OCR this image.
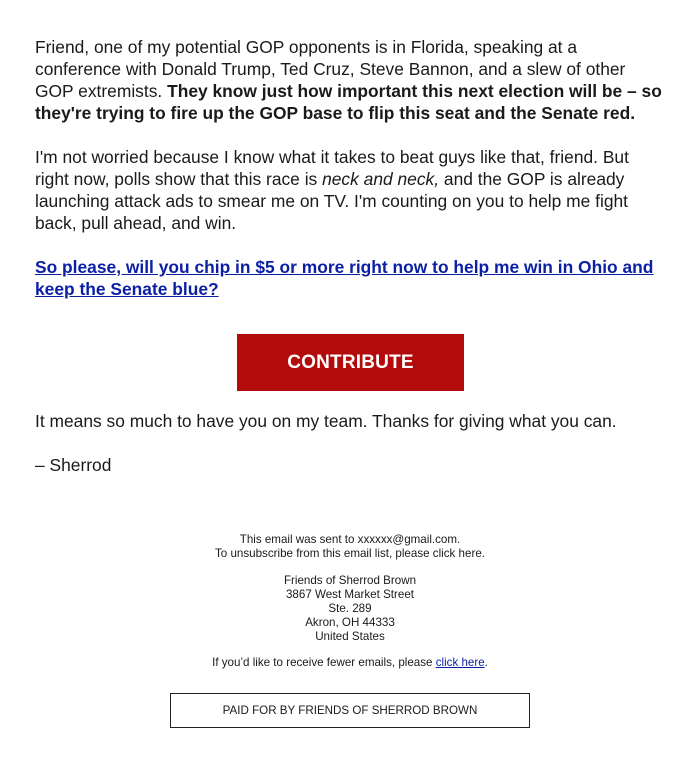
Friend, one of my potential GOP opponents is in Florida, speaking at a conference with Donald Trump, Ted Cruz, Steve Bannon, and a slew of other GOP extremists. They know just how important this next election will be – so they're trying to fire up the GOP base to flip this seat and the Senate red.

I'm not worried because I know what it takes to beat guys like that, friend. But right now, polls show that this race is neck and neck, and the GOP is already launching attack ads to smear me on TV. I'm counting on you to help me fight back, pull ahead, and win.

So please, will you chip in $5 or more right now to help me win in Ohio and keep the Senate blue?

CONTRIBUTE

It means so much to have you on my team. Thanks for giving what you can.

– Sherrod

This email was sent to xxxxxx@gmail.com.
To unsubscribe from this email list, please click here.
Friends of Sherrod Brown
3867 West Market Street
Ste. 289
Akron, OH 44333
United States
If you’d like to receive fewer emails, please click here.
PAID FOR BY FRIENDS OF SHERROD BROWN
